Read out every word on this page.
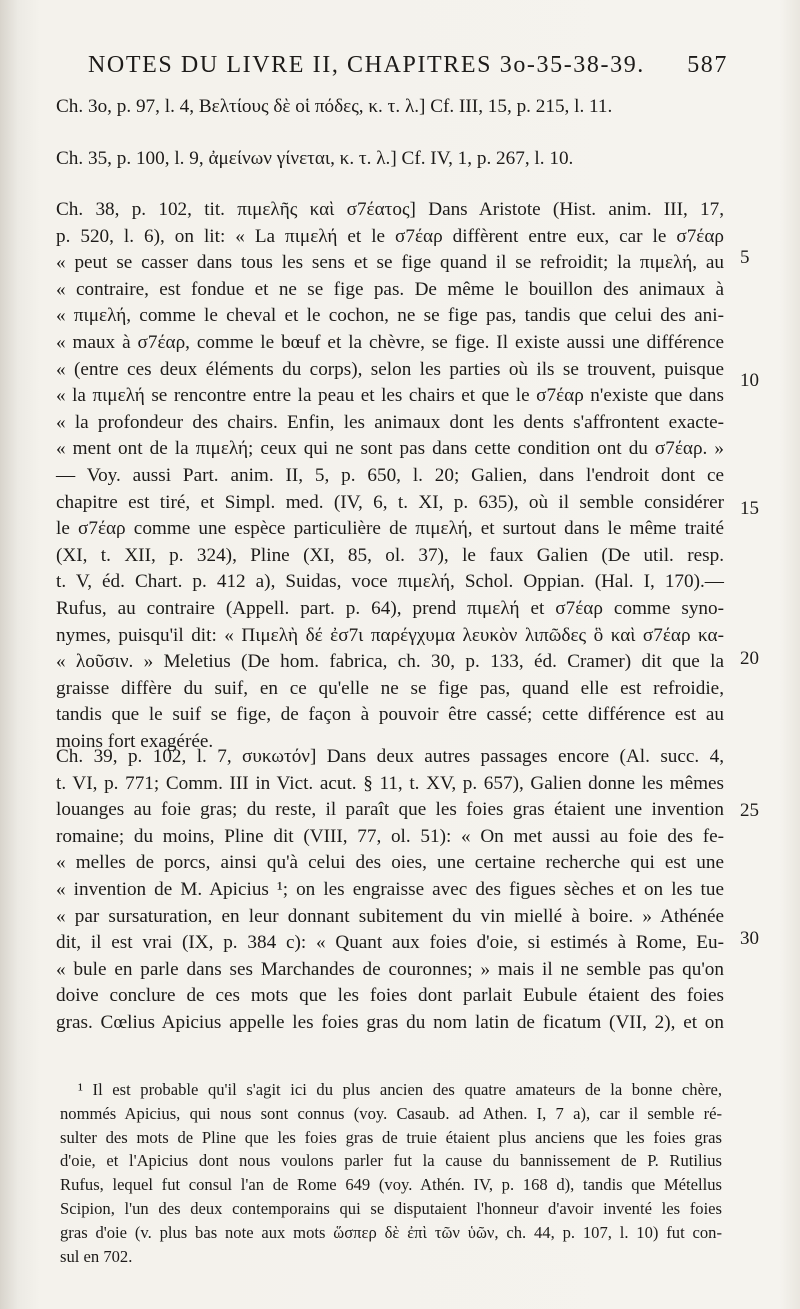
NOTES DU LIVRE II, CHAPITRES 3o-35-38-39. 587
Ch. 3o, p. 97, l. 4, Βελτίους δὲ οἱ πόδες, κ. τ. λ.] Cf. III, 15, p. 215, l. 11.
Ch. 35, p. 100, l. 9, ἀμείνων γίνεται, κ. τ. λ.] Cf. IV, 1, p. 267, l. 10.
Ch. 38, p. 102, tit. πιμελῆς καὶ σ7έατος] Dans Aristote (Hist. anim. III, 17,
p. 520, l. 6), on lit: « La πιμελή et le σ7έαρ diffèrent entre eux, car le σ7έαρ
« peut se casser dans tous les sens et se fige quand il se refroidit; la πιμελή, au
« contraire, est fondue et ne se fige pas. De même le bouillon des animaux à
« πιμελή, comme le cheval et le cochon, ne se fige pas, tandis que celui des ani-
« maux à σ7έαρ, comme le bœuf et la chèvre, se fige. Il existe aussi une différence
« (entre ces deux éléments du corps), selon les parties où ils se trouvent, puisque
« la πιμελή se rencontre entre la peau et les chairs et que le σ7έαρ n'existe que dans
« la profondeur des chairs. Enfin, les animaux dont les dents s'affrontent exacte-
« ment ont de la πιμελή; ceux qui ne sont pas dans cette condition ont du σ7έαρ. »
— Voy. aussi Part. anim. II, 5, p. 650, l. 20; Galien, dans l'endroit dont ce
chapitre est tiré, et Simpl. med. (IV, 6, t. XI, p. 635), où il semble considérer
le σ7έαρ comme une espèce particulière de πιμελή, et surtout dans le même traité
(XI, t. XII, p. 324), Pline (XI, 85, ol. 37), le faux Galien (De util. resp.
t. V, éd. Chart. p. 412 a), Suidas, voce πιμελή, Schol. Oppian. (Hal. I, 170).—
Rufus, au contraire (Appell. part. p. 64), prend πιμελή et σ7έαρ comme syno-
nymes, puisqu'il dit: « Πιμελὴ δέ ἐσ7ι παρέγχυμα λευκὸν λιπῶδες ὃ καὶ σ7έαρ κα-
« λοῦσιν. » Meletius (De hom. fabrica, ch. 30, p. 133, éd. Cramer) dit que la
graisse diffère du suif, en ce qu'elle ne se fige pas, quand elle est refroidie,
tandis que le suif se fige, de façon à pouvoir être cassé; cette différence est au
moins fort exagérée.
Ch. 39, p. 102, l. 7, συκωτόν] Dans deux autres passages encore (Al. succ. 4,
t. VI, p. 771; Comm. III in Vict. acut. § 11, t. XV, p. 657), Galien donne les mêmes
louanges au foie gras; du reste, il paraît que les foies gras étaient une invention
romaine; du moins, Pline dit (VIII, 77, ol. 51): « On met aussi au foie des fe-
« melles de porcs, ainsi qu'à celui des oies, une certaine recherche qui est une
« invention de M. Apicius ¹; on les engraisse avec des figues sèches et on les tue
« par sursaturation, en leur donnant subitement du vin miellé à boire. » Athénée
dit, il est vrai (IX, p. 384 c): « Quant aux foies d'oie, si estimés à Rome, Eu-
« bule en parle dans ses Marchandes de couronnes; » mais il ne semble pas qu'on
doive conclure de ces mots que les foies dont parlait Eubule étaient des foies
gras. Cœlius Apicius appelle les foies gras du nom latin de ficatum (VII, 2), et on
5
10
15
20
25
30
¹ Il est probable qu'il s'agit ici du plus ancien des quatre amateurs de la bonne chère,
nommés Apicius, qui nous sont connus (voy. Casaub. ad Athen. I, 7 a), car il semble ré-
sulter des mots de Pline que les foies gras de truie étaient plus anciens que les foies gras
d'oie, et l'Apicius dont nous voulons parler fut la cause du bannissement de P. Rutilius
Rufus, lequel fut consul l'an de Rome 649 (voy. Athén. IV, p. 168 d), tandis que Métellus
Scipion, l'un des deux contemporains qui se disputaient l'honneur d'avoir inventé les foies
gras d'oie (v. plus bas note aux mots ὥσπερ δὲ ἐπὶ τῶν ὑῶν, ch. 44, p. 107, l. 10) fut con-
sul en 702.
